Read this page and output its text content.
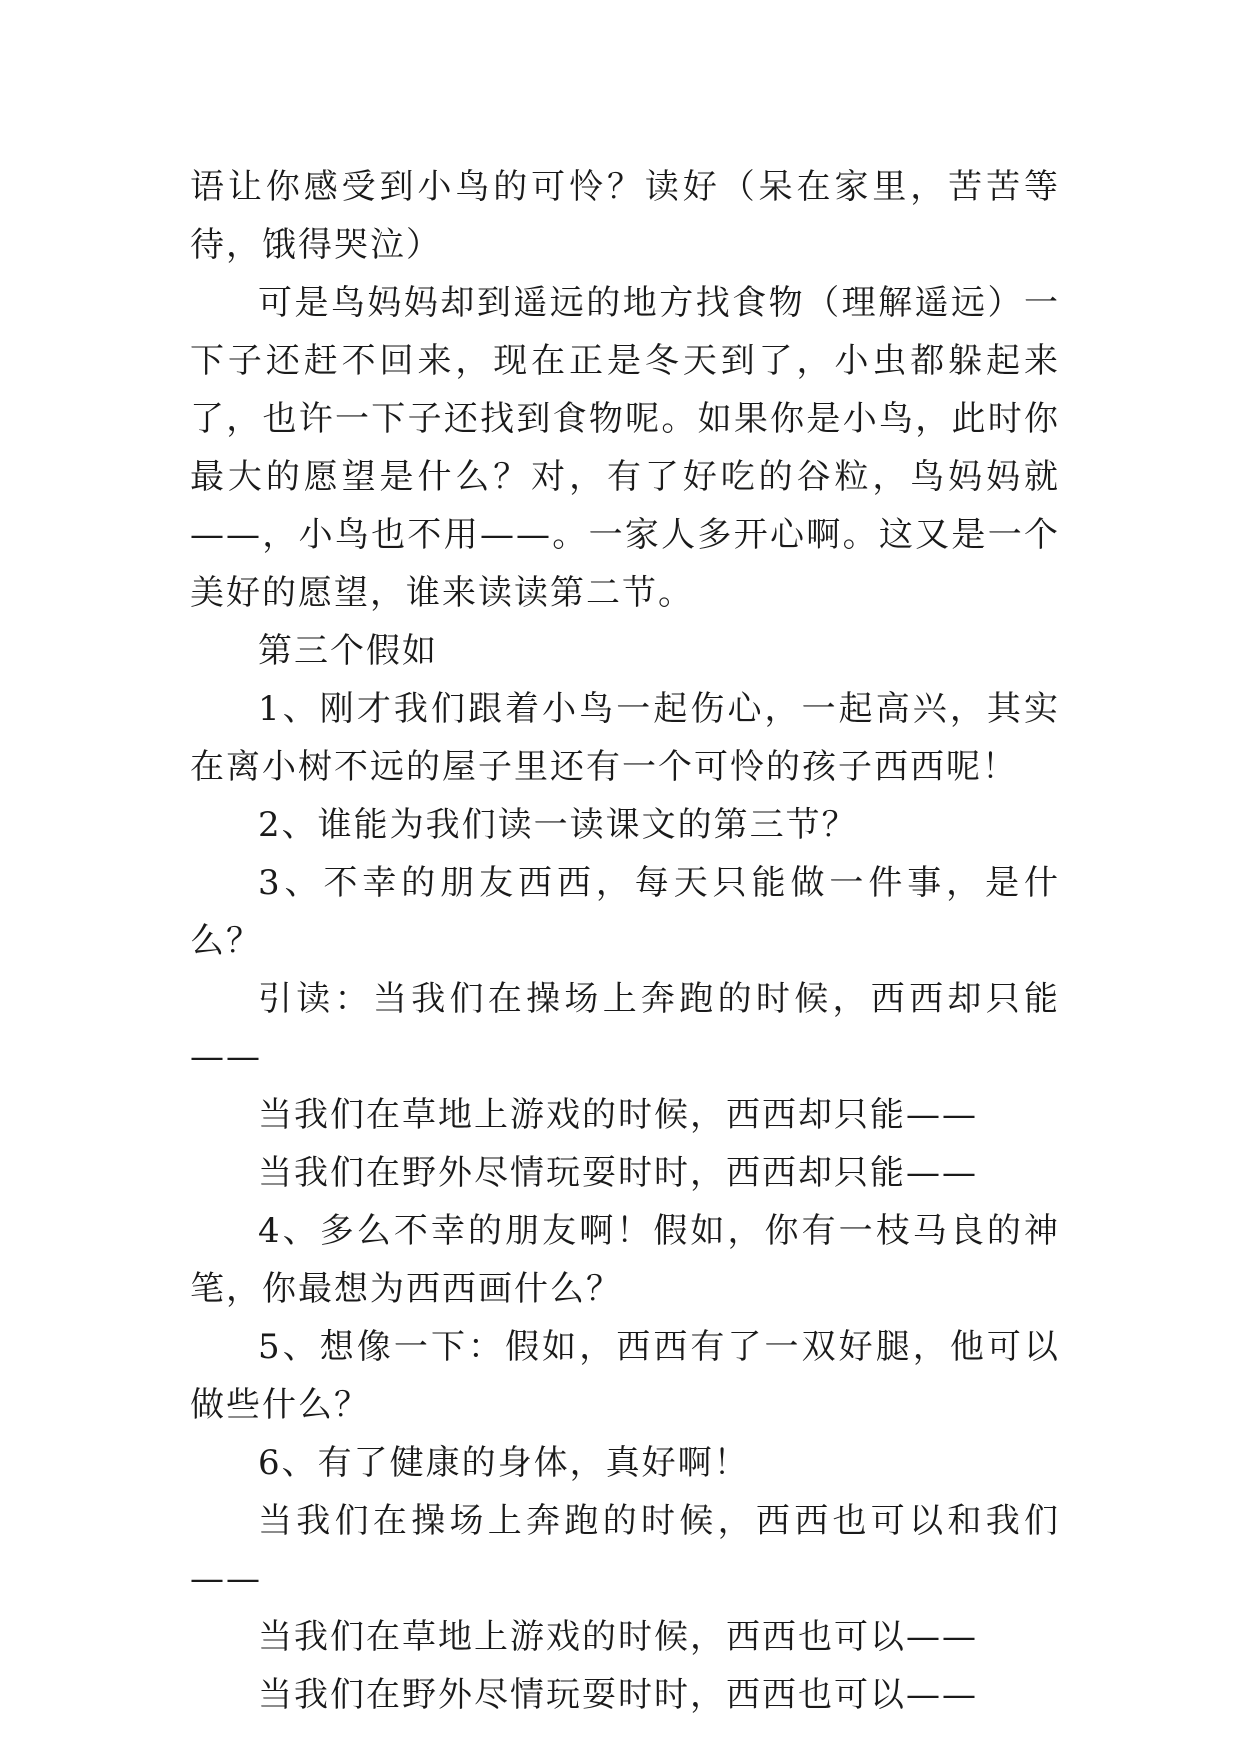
语让你感受到小鸟的可怜？读好（呆在家里，苦苦等待，饿得哭泣）

可是鸟妈妈却到遥远的地方找食物（理解遥远）一下子还赶不回来，现在正是冬天到了，小虫都躲起来了，也许一下子还找到食物呢。如果你是小鸟，此时你最大的愿望是什么？对，有了好吃的谷粒，鸟妈妈就——，小鸟也不用——。一家人多开心啊。这又是一个美好的愿望，谁来读读第二节。

第三个假如

1、刚才我们跟着小鸟一起伤心，一起高兴，其实在离小树不远的屋子里还有一个可怜的孩子西西呢！

2、谁能为我们读一读课文的第三节？

3、不幸的朋友西西，每天只能做一件事，是什么？

引读：当我们在操场上奔跑的时候，西西却只能——

当我们在草地上游戏的时候，西西却只能——

当我们在野外尽情玩耍时时，西西却只能——

4、多么不幸的朋友啊！假如，你有一枝马良的神笔，你最想为西西画什么？

5、想像一下：假如，西西有了一双好腿，他可以做些什么？

6、有了健康的身体，真好啊！

当我们在操场上奔跑的时候，西西也可以和我们——

当我们在草地上游戏的时候，西西也可以——

当我们在野外尽情玩耍时时，西西也可以——
